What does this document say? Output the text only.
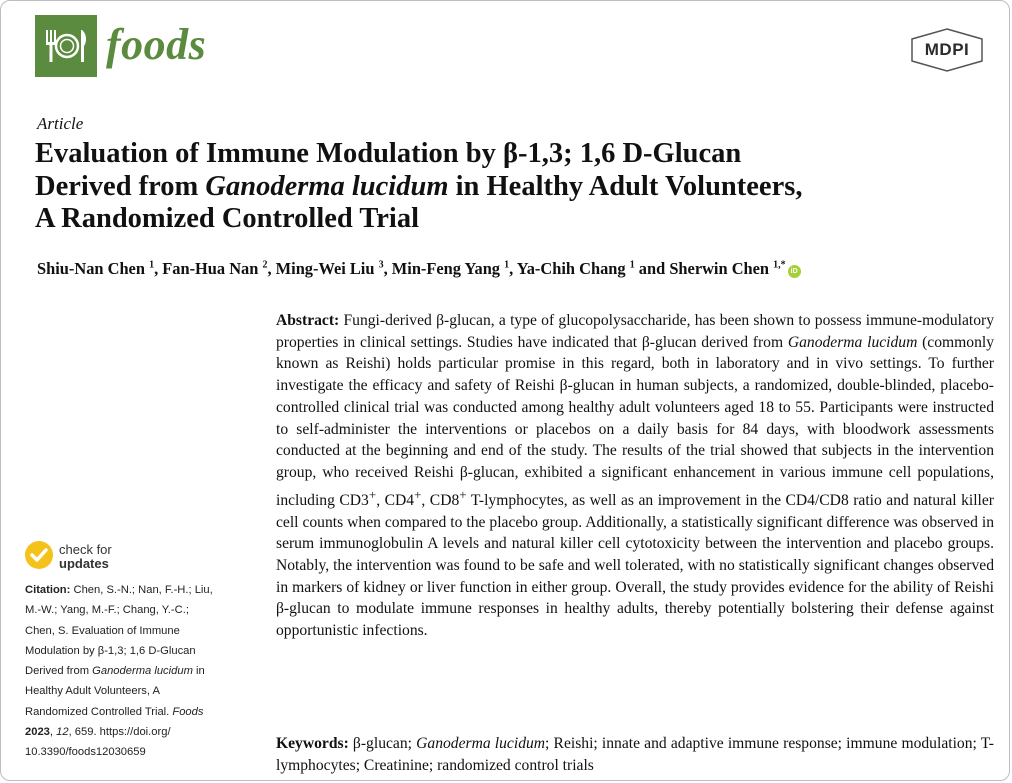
foods	MDPI
Article
Evaluation of Immune Modulation by β-1,3; 1,6 D-Glucan
Derived from Ganoderma lucidum in Healthy Adult Volunteers,
A Randomized Controlled Trial
Shiu-Nan Chen $^1$, Fan-Hua Nan $^2$, Ming-Wei Liu $^3$, Min-Feng Yang $^1$, Ya-Chih Chang $^1$ and Sherwin Chen $^{1,*}$iD
Abstract: Fungi-derived β-glucan, a type of glucopolysaccharide, has been shown to possess immune-modulatory properties in clinical settings. Studies have indicated that β-glucan derived from Ganoderma lucidum (commonly known as Reishi) holds particular promise in this regard, both in laboratory and in vivo settings. To further investigate the efficacy and safety of Reishi β-glucan in human subjects, a randomized, double-blinded, placebo-controlled clinical trial was conducted among healthy adult volunteers aged 18 to 55. Participants were instructed to self-administer the interventions or placebos on a daily basis for 84 days, with bloodwork assessments conducted at the beginning and end of the study. The results of the trial showed that subjects in the intervention group, who received Reishi β-glucan, exhibited a significant enhancement in various immune cell populations, including CD3+, CD4+, CD8+ T-lymphocytes, as well as an improvement in the CD4/CD8 ratio and natural killer cell counts when compared to the placebo group. Additionally, a statistically significant difference was observed in serum immunoglobulin A levels and natural killer cell cytotoxicity between the intervention and placebo groups. Notably, the intervention was found to be safe and well tolerated, with no statistically significant changes observed in markers of kidney or liver function in either group. Overall, the study provides evidence for the ability of Reishi β-glucan to modulate immune responses in healthy adults, thereby potentially bolstering their defense against opportunistic infections.
Keywords: β-glucan; Ganoderma lucidum; Reishi; innate and adaptive immune response; immune modulation; T-lymphocytes; Creatinine; randomized control trials
check for
updates
Citation: Chen, S.-N.; Nan, F.-H.; Liu,
M.-W.; Yang, M.-F.; Chang, Y.-C.;
Chen, S. Evaluation of Immune
Modulation by β-1,3; 1,6 D-Glucan
Derived from Ganoderma lucidum in
Healthy Adult Volunteers, A
Randomized Controlled Trial. Foods
2023, 12, 659. https://doi.org/
10.3390/foods12030659
